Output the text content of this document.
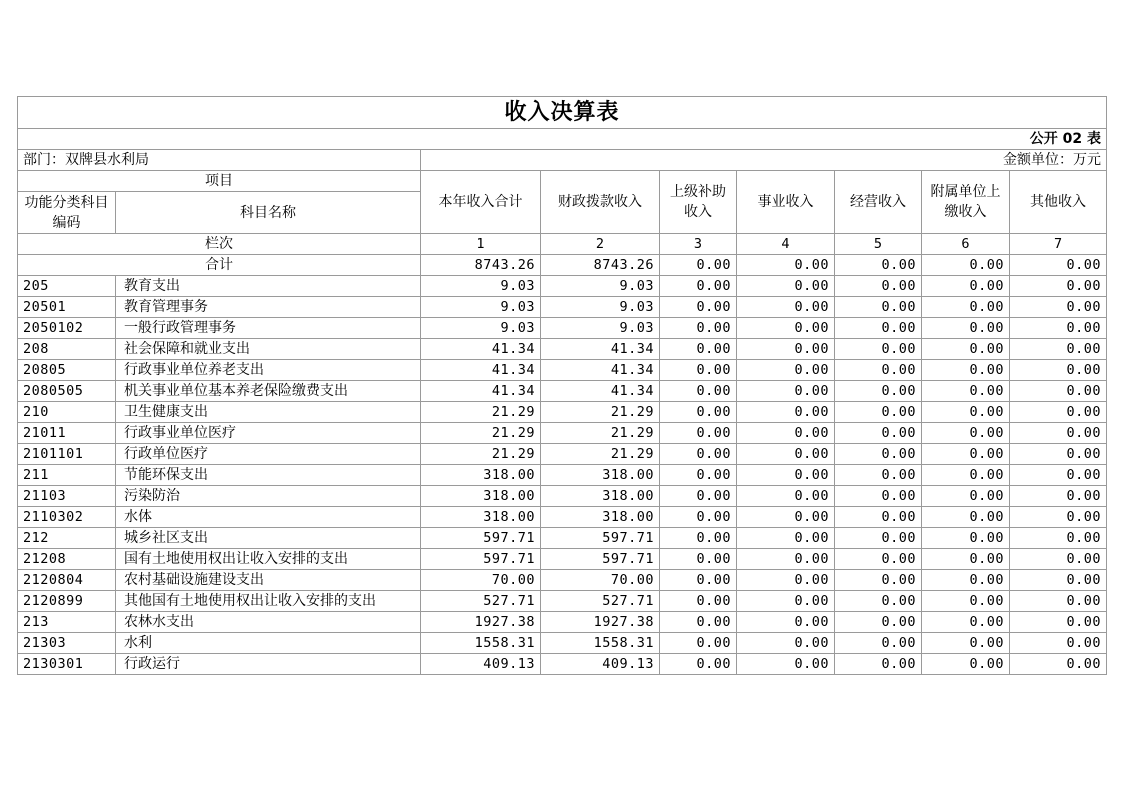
收入决算表								
公开 02 表								
部门：双牌县水利局		金额单位：万元						
项目		本年收入合计	财政拨款收入	上级补助收入	事业收入	经营收入	附属单位上缴收入	其他收入
功能分类科目编码	科目名称							
栏次		1	2	3	4	5	6	7
合计		8743.26	8743.26	0.00	0.00	0.00	0.00	0.00
205	教育支出	9.03	9.03	0.00	0.00	0.00	0.00	0.00
20501	教育管理事务	9.03	9.03	0.00	0.00	0.00	0.00	0.00
2050102	一般行政管理事务	9.03	9.03	0.00	0.00	0.00	0.00	0.00
208	社会保障和就业支出	41.34	41.34	0.00	0.00	0.00	0.00	0.00
20805	行政事业单位养老支出	41.34	41.34	0.00	0.00	0.00	0.00	0.00
2080505	机关事业单位基本养老保险缴费支出	41.34	41.34	0.00	0.00	0.00	0.00	0.00
210	卫生健康支出	21.29	21.29	0.00	0.00	0.00	0.00	0.00
21011	行政事业单位医疗	21.29	21.29	0.00	0.00	0.00	0.00	0.00
2101101	行政单位医疗	21.29	21.29	0.00	0.00	0.00	0.00	0.00
211	节能环保支出	318.00	318.00	0.00	0.00	0.00	0.00	0.00
21103	污染防治	318.00	318.00	0.00	0.00	0.00	0.00	0.00
2110302	水体	318.00	318.00	0.00	0.00	0.00	0.00	0.00
212	城乡社区支出	597.71	597.71	0.00	0.00	0.00	0.00	0.00
21208	国有土地使用权出让收入安排的支出	597.71	597.71	0.00	0.00	0.00	0.00	0.00
2120804	农村基础设施建设支出	70.00	70.00	0.00	0.00	0.00	0.00	0.00
2120899	其他国有土地使用权出让收入安排的支出	527.71	527.71	0.00	0.00	0.00	0.00	0.00
213	农林水支出	1927.38	1927.38	0.00	0.00	0.00	0.00	0.00
21303	水利	1558.31	1558.31	0.00	0.00	0.00	0.00	0.00
2130301	行政运行	409.13	409.13	0.00	0.00	0.00	0.00	0.00
